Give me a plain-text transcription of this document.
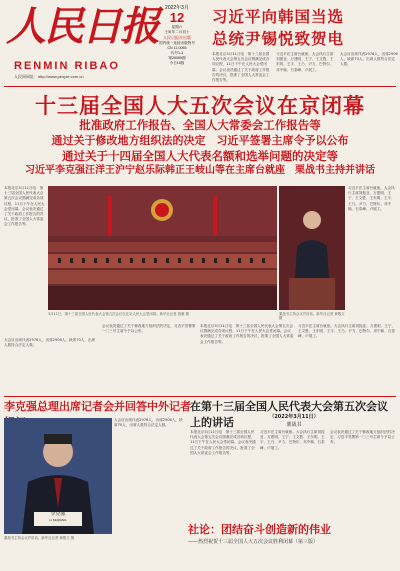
人民日报
RENMIN RIBAO
人民网网址：http://www.people.com.cn
2022年3月
12
星期六
壬寅年二月初十
人民日报社出版
国内统一连续出版物号
CN 11-0065
代号1-1
第26065期
今日16版
习近平向韩国当选
总统尹锡悦致贺电
本报北京3月11日电　第十三届全国人民代表大会第五次会议圆满完成各项议程，11日下午在人民大会堂闭幕。会议表决通过了关于政府工作报告的决议，批准了全国人大常委会工作报告等。
习近平在主席台就座。大会执行主席刘振亚、万建明、王宁、王文胜、王东明、王宇、王乃、尹力、巴特尔、邓中翰、石泰峰、卢展工。
大会应出席代表2976人，出席2906人，缺席70人，出席人数符合法定人数。
十三届全国人大五次会议在京闭幕
批准政府工作报告、全国人大常委会工作报告等
通过关于修改地方组织法的决定　习近平签署主席令予以公布
通过关于十四届全国人大代表名额和选举问题的决定等
习近平李克强汪洋王沪宁赵乐际韩正王岐山等在主席台就座　栗战书主持并讲话
本报北京3月11日电　第十三届全国人民代表大会第五次会议圆满完成各项议程，11日下午在人民大会堂闭幕。会议表决通过了关于政府工作报告的决议，批准了全国人大常委会工作报告等。
习近平在主席台就座。大会执行主席刘振亚、万建明、王宁、王文胜、王东明、王宇、王乃、尹力、巴特尔、邓中翰、石泰峰、卢展工。
3月11日，第十三届全国人民代表大会第五次会议在北京人民大会堂闭幕。新华社记者 燕雁 摄	栗战书主持会议并讲话。新华社记者 黄敬文 摄
大会应出席代表2976人，出席2906人，缺席70人，出席人数符合法定人数。
会议表决通过了关于修改地方组织法的决定，习近平签署第一〇三号主席令予以公布。
本报北京3月11日电　第十三届全国人民代表大会第五次会议圆满完成各项议程，11日下午在人民大会堂闭幕。会议表决通过了关于政府工作报告的决议，批准了全国人大常委会工作报告等。
习近平在主席台就座。大会执行主席刘振亚、万建明、王宁、王文胜、王东明、王宇、王乃、尹力、巴特尔、邓中翰、石泰峰、卢展工。
李克强总理出席记者会并回答中外记者
李克强
LI KEQIANG
大会应出席代表2976人，出席2906人，缺席70人，出席人数符合法定人数。
栗战书主持会议并讲话。新华社记者 黄敬文 摄
在第十三届全国人民代表大会第五次会议上的讲话	（2022年3月11日）
栗战书
本报北京3月11日电　第十三届全国人民代表大会第五次会议圆满完成各项议程，11日下午在人民大会堂闭幕。会议表决通过了关于政府工作报告的决议，批准了全国人大常委会工作报告等。
习近平在主席台就座。大会执行主席刘振亚、万建明、王宁、王文胜、王东明、王宇、王乃、尹力、巴特尔、邓中翰、石泰峰、卢展工。
会议表决通过了关于修改地方组织法的决定，习近平签署第一〇三号主席令予以公布。
社论：团结奋斗创造新的伟业
——热烈祝贺十三届全国人大五次会议胜利闭幕（第三版）
